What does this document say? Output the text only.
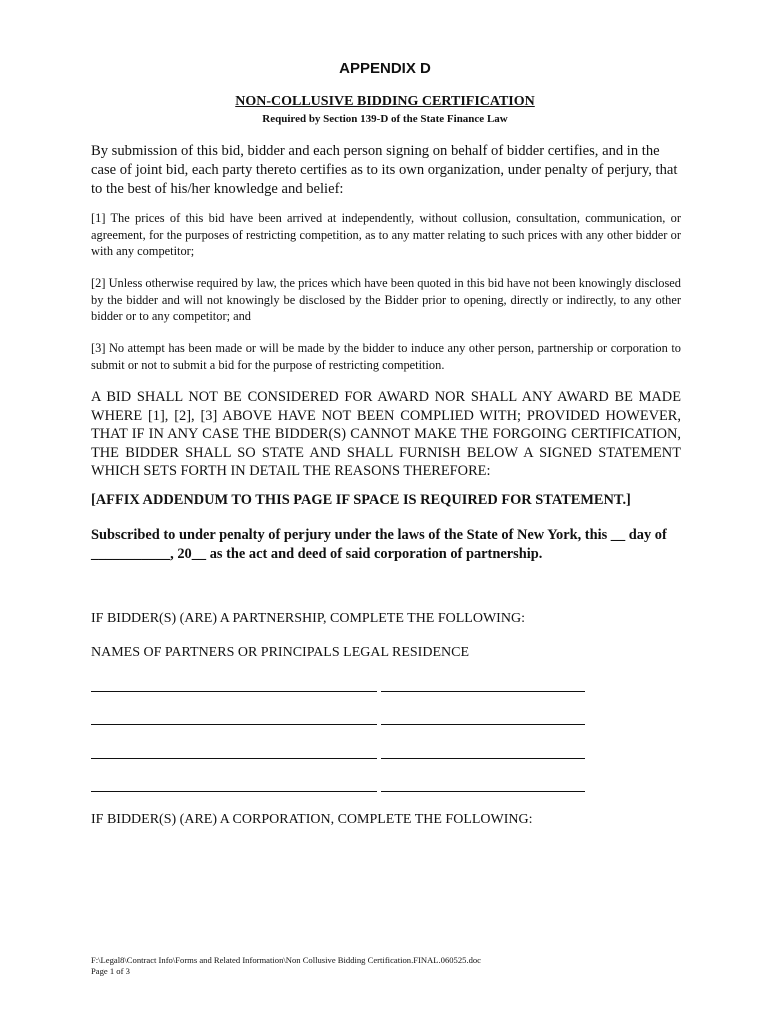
APPENDIX D
NON-COLLUSIVE BIDDING CERTIFICATION
Required by Section 139-D of the State Finance Law
By submission of this bid, bidder and each person signing on behalf of bidder certifies, and in the case of joint bid, each party thereto certifies as to its own organization, under penalty of perjury, that to the best of his/her knowledge and belief:
[1] The prices of this bid have been arrived at independently, without collusion, consultation, communication, or agreement, for the purposes of restricting competition, as to any matter relating to such prices with any other bidder or with any competitor;
[2] Unless otherwise required by law, the prices which have been quoted in this bid have not been knowingly disclosed by the bidder and will not knowingly be disclosed by the Bidder prior to opening, directly or indirectly, to any other bidder or to any competitor; and
[3] No attempt has been made or will be made by the bidder to induce any other person, partnership or corporation to submit or not to submit a bid for the purpose of restricting competition.
A BID SHALL NOT BE CONSIDERED FOR AWARD NOR SHALL ANY AWARD BE MADE WHERE [1], [2], [3] ABOVE HAVE NOT BEEN COMPLIED WITH; PROVIDED HOWEVER, THAT IF IN ANY CASE THE BIDDER(S) CANNOT MAKE THE FORGOING CERTIFICATION, THE BIDDER SHALL SO STATE AND SHALL FURNISH BELOW A SIGNED STATEMENT WHICH SETS FORTH IN DETAIL THE REASONS THEREFORE:
[AFFIX ADDENDUM TO THIS PAGE IF SPACE IS REQUIRED FOR STATEMENT.]
Subscribed to under penalty of perjury under the laws of the State of New York, this __ day of ___________, 20__ as the act and deed of said corporation of partnership.
IF BIDDER(S) (ARE) A PARTNERSHIP, COMPLETE THE FOLLOWING:
NAMES OF PARTNERS OR PRINCIPALS LEGAL RESIDENCE
IF BIDDER(S) (ARE) A CORPORATION, COMPLETE THE FOLLOWING:
F:\Legal8\Contract Info\Forms and Related Information\Non Collusive Bidding Certification.FINAL.060525.doc
Page 1 of 3
